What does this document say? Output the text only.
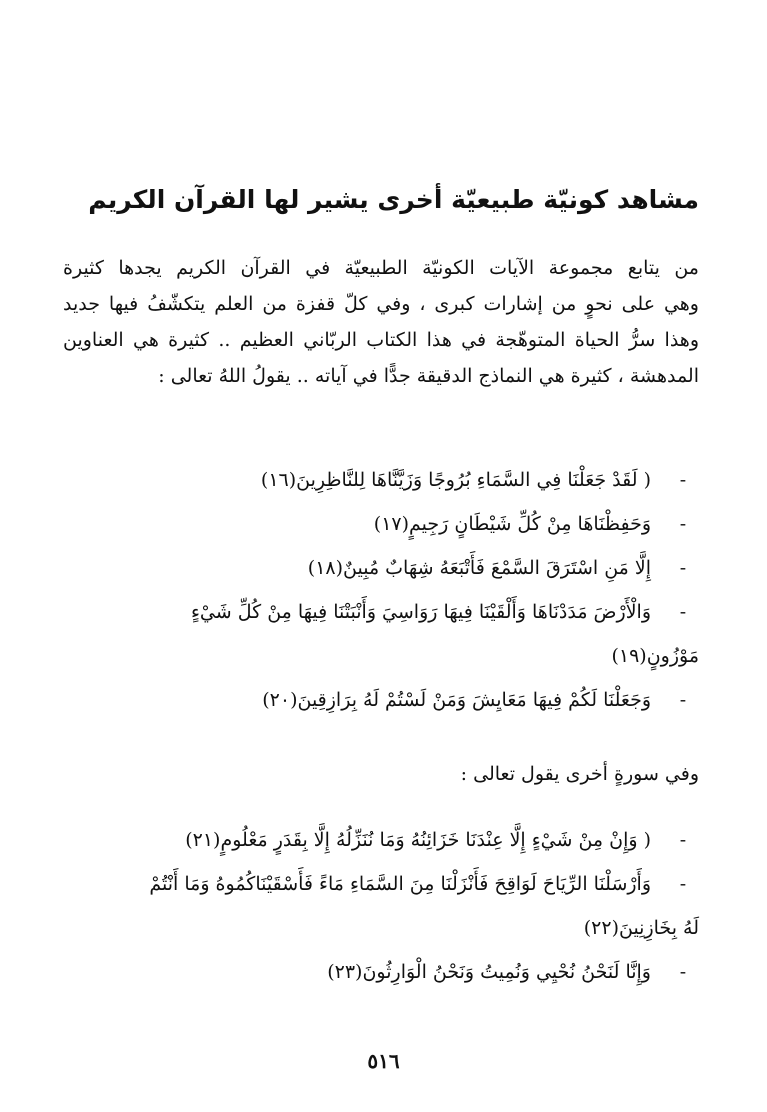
مشاهد كونيّة طبيعيّة أخرى يشير لها القرآن الكريم

من يتابع مجموعة الآيات الكونيّة الطبيعيّة في القرآن الكريم يجدها كثيرة
وهي على نحوٍ من إشارات كبرى ، وفي كلّ قفزة من العلم يتكشّفُ فيها جديد
وهذا سرُّ الحياة المتوهّجة في هذا الكتاب الربّاني العظيم .. كثيرة هي العناوين
المدهشة ، كثيرة هي النماذج الدقيقة جدًّا في آياته .. يقولُ اللهُ تعالى :

-
( لَقَدْ جَعَلْنَا فِي السَّمَاءِ بُرُوجًا وَزَيَّنَّاهَا لِلنَّاظِرِينَ(١٦)
-
وَحَفِظْنَاهَا مِنْ كُلِّ شَيْطَانٍ رَجِيمٍ(١٧)
-
إِلَّا مَنِ اسْتَرَقَ السَّمْعَ فَأَتْبَعَهُ شِهَابٌ مُبِينٌ(١٨)
-
وَالْأَرْضَ مَدَدْنَاهَا وَأَلْقَيْنَا فِيهَا رَوَاسِيَ وَأَنْبَتْنَا فِيهَا مِنْ كُلِّ شَيْءٍ
مَوْزُونٍ(١٩)
-
وَجَعَلْنَا لَكُمْ فِيهَا مَعَايِشَ وَمَنْ لَسْتُمْ لَهُ بِرَازِقِينَ(٢٠)

وفي سورةٍ أخرى يقول تعالى :

-
( وَإِنْ مِنْ شَيْءٍ إِلَّا عِنْدَنَا خَزَائِنُهُ وَمَا نُنَزِّلُهُ إِلَّا بِقَدَرٍ مَعْلُومٍ(٢١)
-
وَأَرْسَلْنَا الرِّيَاحَ لَوَاقِحَ فَأَنْزَلْنَا مِنَ السَّمَاءِ مَاءً فَأَسْقَيْنَاكُمُوهُ وَمَا أَنْتُمْ
لَهُ بِخَازِنِينَ(٢٢)
-
وَإِنَّا لَنَحْنُ نُحْيِي وَنُمِيتُ وَنَحْنُ الْوَارِثُونَ(٢٣)
٥١٦
